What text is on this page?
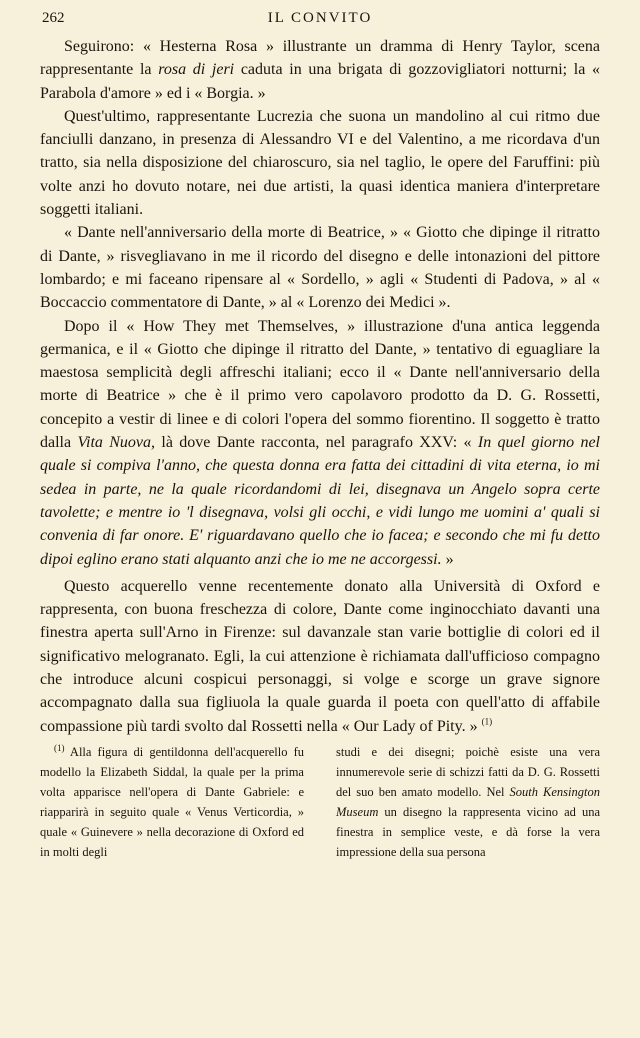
262	IL CONVITO

Seguirono: « Hesterna Rosa » illustrante un dramma di Henry Taylor, scena rappresentante la rosa di jeri caduta in una brigata di gozzovigliatori notturni; la « Parabola d'amore » ed i « Borgia. »

Quest'ultimo, rappresentante Lucrezia che suona un mandolino al cui ritmo due fanciulli danzano, in presenza di Alessandro VI e del Valentino, a me ricordava d'un tratto, sia nella disposizione del chiaroscuro, sia nel taglio, le opere del Faruffini: più volte anzi ho dovuto notare, nei due artisti, la quasi identica maniera d'interpretare soggetti italiani.

« Dante nell'anniversario della morte di Beatrice, » « Giotto che dipinge il ritratto di Dante, » risvegliavano in me il ricordo del disegno e delle intonazioni del pittore lombardo; e mi faceano ripensare al « Sordello, » agli « Studenti di Padova, » al « Boccaccio commentatore di Dante, » al « Lorenzo dei Medici ».

Dopo il « How They met Themselves, » illustrazione d'una antica leggenda germanica, e il « Giotto che dipinge il ritratto del Dante, » tentativo di eguagliare la maestosa semplicità degli affreschi italiani; ecco il « Dante nell'anniversario della morte di Beatrice » che è il primo vero capolavoro prodotto da D. G. Rossetti, concepito a vestir di linee e di colori l'opera del sommo fiorentino. Il soggetto è tratto dalla Vita Nuova, là dove Dante racconta, nel paragrafo XXV: « In quel giorno nel quale si compiva l'anno, che questa donna era fatta dei cittadini di vita eterna, io mi sedea in parte, ne la quale ricordandomi di lei, disegnava un Angelo sopra certe tavolette; e mentre io 'l disegnava, volsi gli occhi, e vidi lungo me uomini a' quali si convenia di far onore. E' riguardavano quello che io facea; e secondo che mi fu detto dipoi eglino erano stati alquanto anzi che io me ne accorgessi. »

Questo acquerello venne recentemente donato alla Università di Oxford e rappresenta, con buona freschezza di colore, Dante come inginocchiato davanti una finestra aperta sull'Arno in Firenze: sul davanzale stan varie bottiglie di colori ed il significativo melogranato. Egli, la cui attenzione è richiamata dall'ufficioso compagno che introduce alcuni cospicui personaggi, si volge e scorge un grave signore accompagnato dalla sua figliuola la quale guarda il poeta con quell'atto di affabile compassione più tardi svolto dal Rossetti nella « Our Lady of Pity. » $^{(1)}$

$^{(1)}$ Alla figura di gentildonna dell'acquerello fu modello la Elizabeth Siddal, la quale per la prima volta apparisce nell'opera di Dante Gabriele: e riapparirà in seguito quale « Venus Verticordia, » quale « Guinevere » nella decorazione di Oxford ed in molti degli

studi e dei disegni; poichè esiste una vera innumerevole serie di schizzi fatti da D. G. Rossetti del suo ben amato modello. Nel South Kensington Museum un disegno la rappresenta vicino ad una finestra in semplice veste, e dà forse la vera impressione della sua persona
